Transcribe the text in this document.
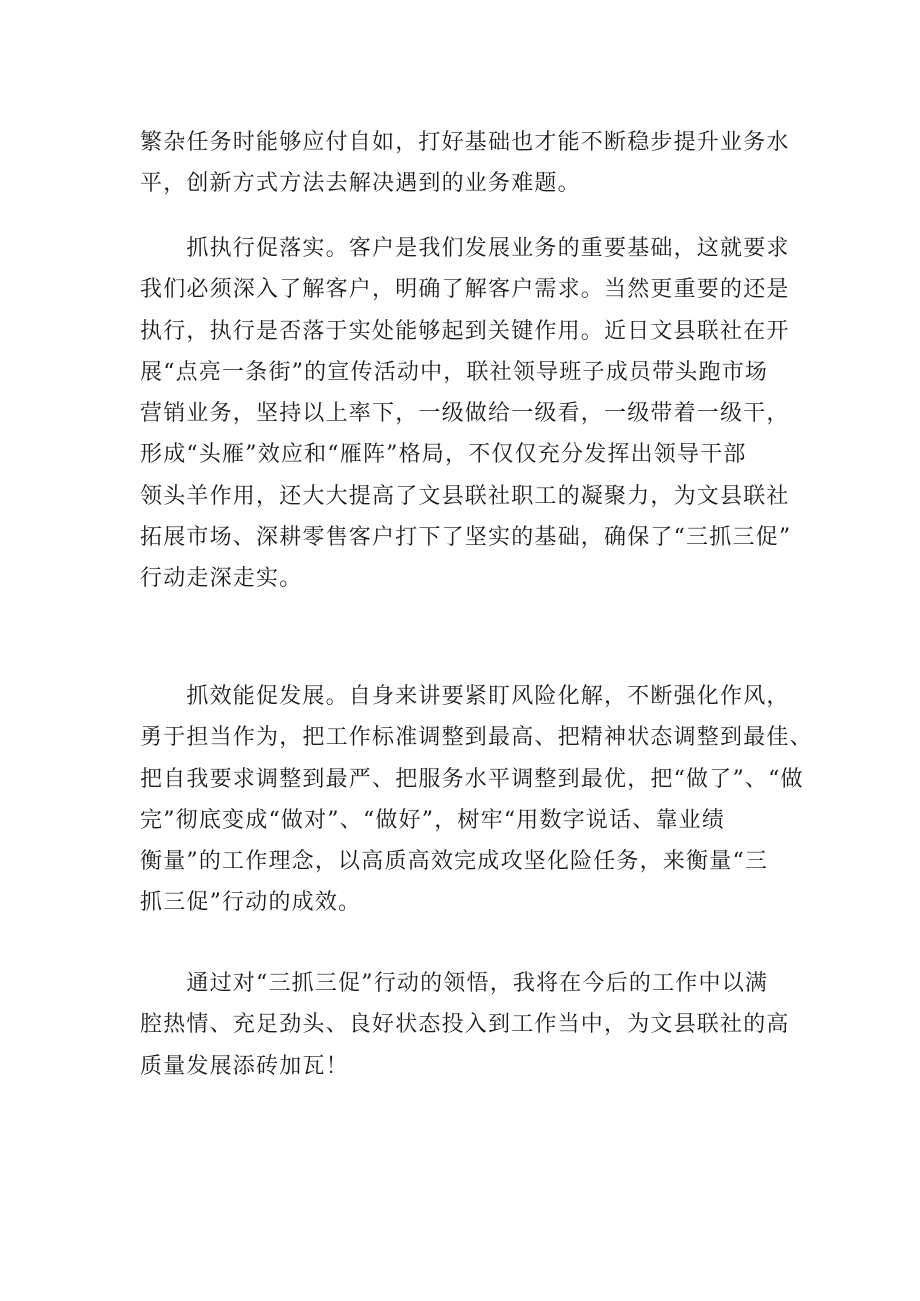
繁杂任务时能够应付自如，打好基础也才能不断稳步提升业务水
平，创新方式方法去解决遇到的业务难题。

　　抓执行促落实。客户是我们发展业务的重要基础，这就要求
我们必须深入了解客户，明确了解客户需求。当然更重要的还是
执行，执行是否落于实处能够起到关键作用。近日文县联社在开
展“点亮一条街”的宣传活动中，联社领导班子成员带头跑市场
营销业务，坚持以上率下，一级做给一级看，一级带着一级干，
形成“头雁”效应和“雁阵”格局，不仅仅充分发挥出领导干部
领头羊作用，还大大提高了文县联社职工的凝聚力，为文县联社
拓展市场、深耕零售客户打下了坚实的基础，确保了“三抓三促”
行动走深走实。

　　抓效能促发展。自身来讲要紧盯风险化解，不断强化作风，
勇于担当作为，把工作标准调整到最高、把精神状态调整到最佳、
把自我要求调整到最严、把服务水平调整到最优，把“做了”、“做
完”彻底变成“做对”、“做好”，树牢“用数字说话、靠业绩
衡量”的工作理念，以高质高效完成攻坚化险任务，来衡量“三
抓三促”行动的成效。

　　通过对“三抓三促”行动的领悟，我将在今后的工作中以满
腔热情、充足劲头、良好状态投入到工作当中，为文县联社的高
质量发展添砖加瓦！
